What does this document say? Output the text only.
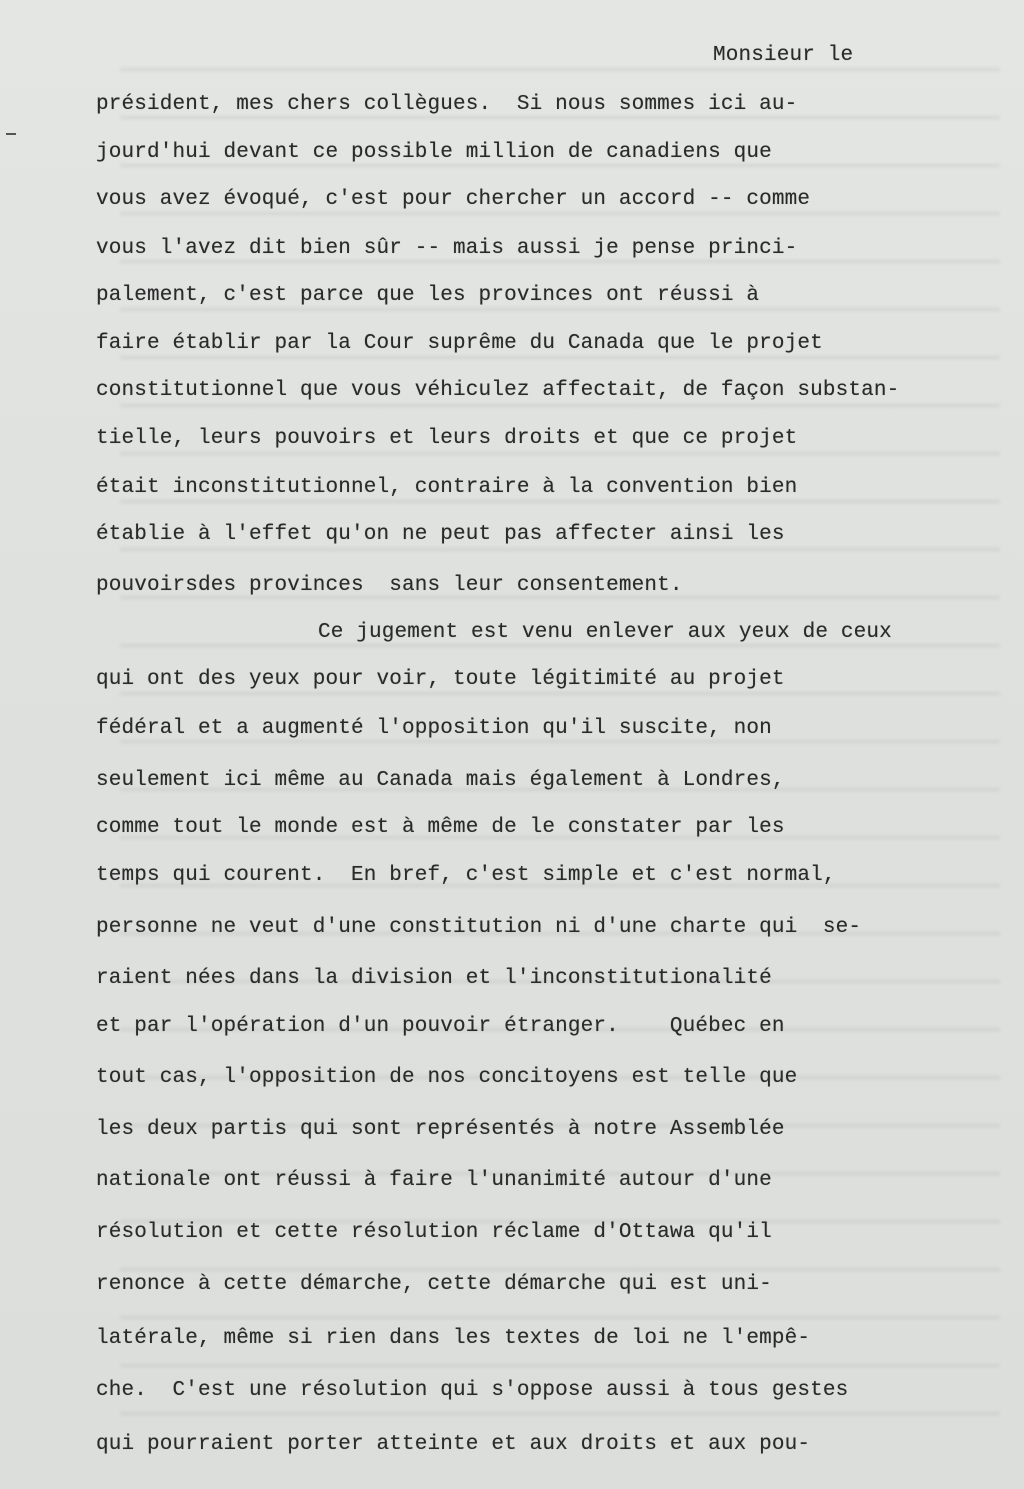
Monsieur le

président, mes chers collègues.  Si nous sommes ici au-

jourd'hui devant ce possible million de canadiens que

vous avez évoqué, c'est pour chercher un accord -- comme

vous l'avez dit bien sûr -- mais aussi je pense princi-

palement, c'est parce que les provinces ont réussi à

faire établir par la Cour suprême du Canada que le projet

constitutionnel que vous véhiculez affectait, de façon substan-

tielle, leurs pouvoirs et leurs droits et que ce projet

était inconstitutionnel, contraire à la convention bien

établie à l'effet qu'on ne peut pas affecter ainsi les

pouvoirsdes provinces  sans leur consentement.

Ce jugement est venu enlever aux yeux de ceux

qui ont des yeux pour voir, toute légitimité au projet

fédéral et a augmenté l'opposition qu'il suscite, non

seulement ici même au Canada mais également à Londres,

comme tout le monde est à même de le constater par les

temps qui courent.  En bref, c'est simple et c'est normal,

personne ne veut d'une constitution ni d'une charte qui  se-

raient nées dans la division et l'inconstitutionalité

et par l'opération d'un pouvoir étranger.    Québec en

tout cas, l'opposition de nos concitoyens est telle que

les deux partis qui sont représentés à notre Assemblée

nationale ont réussi à faire l'unanimité autour d'une

résolution et cette résolution réclame d'Ottawa qu'il

renonce à cette démarche, cette démarche qui est uni-

latérale, même si rien dans les textes de loi ne l'empê-

che.  C'est une résolution qui s'oppose aussi à tous gestes

qui pourraient porter atteinte et aux droits et aux pou-
